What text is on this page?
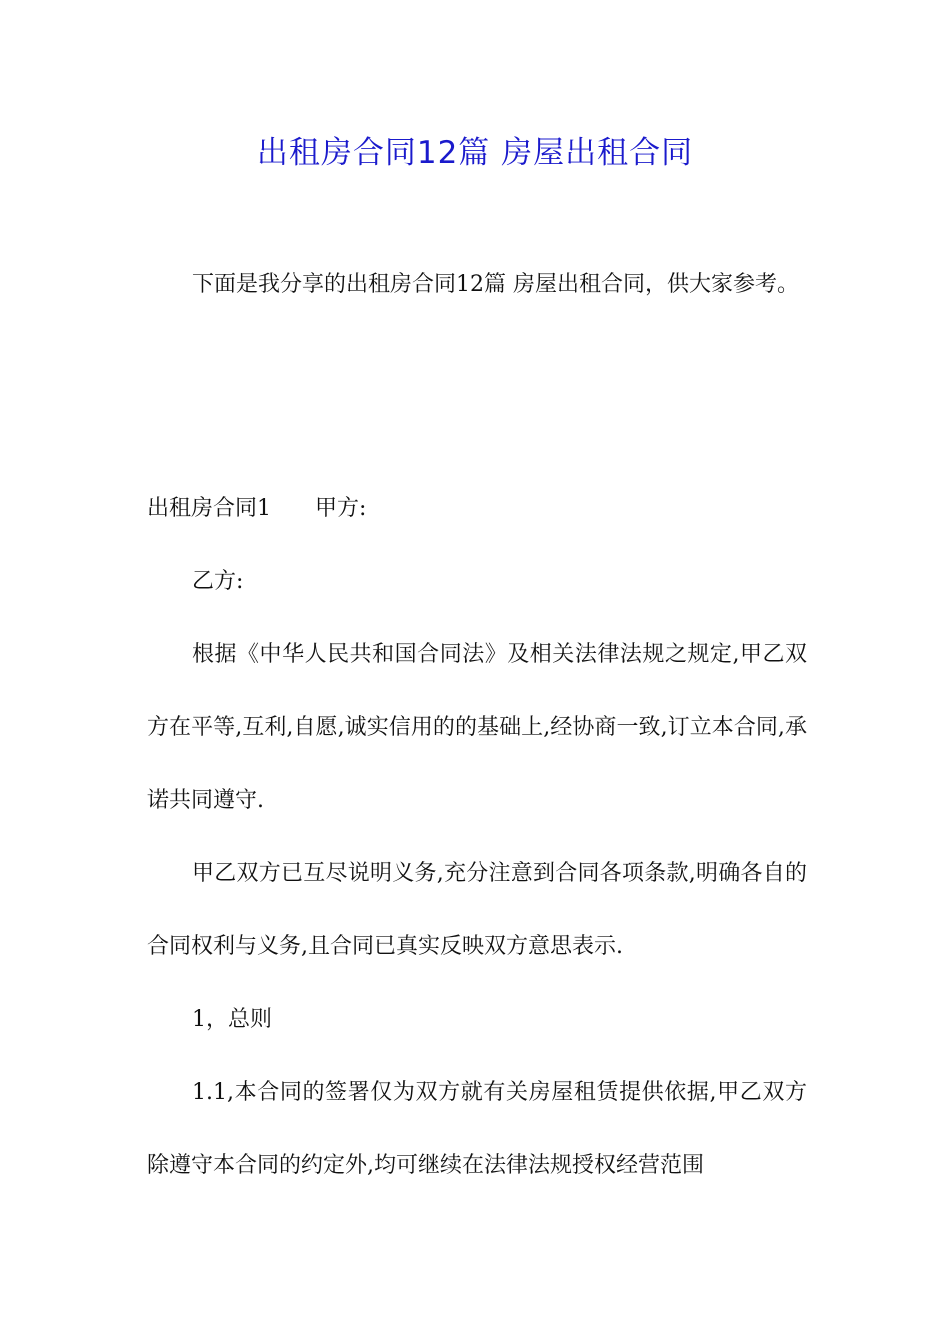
出租房合同12篇 房屋出租合同

下面是我分享的出租房合同12篇 房屋出租合同，供大家参考。

出租房合同1 甲方:

乙方:

根据《中华人民共和国合同法》及相关法律法规之规定,甲乙双方在平等,互利,自愿,诚实信用的的基础上,经协商一致,订立本合同,承诺共同遵守.

甲乙双方已互尽说明义务,充分注意到合同各项条款,明确各自的合同权利与义务,且合同已真实反映双方意思表示.

1，总则

1.1,本合同的签署仅为双方就有关房屋租赁提供依据,甲乙双方除遵守本合同的约定外,均可继续在法律法规授权经营范围
